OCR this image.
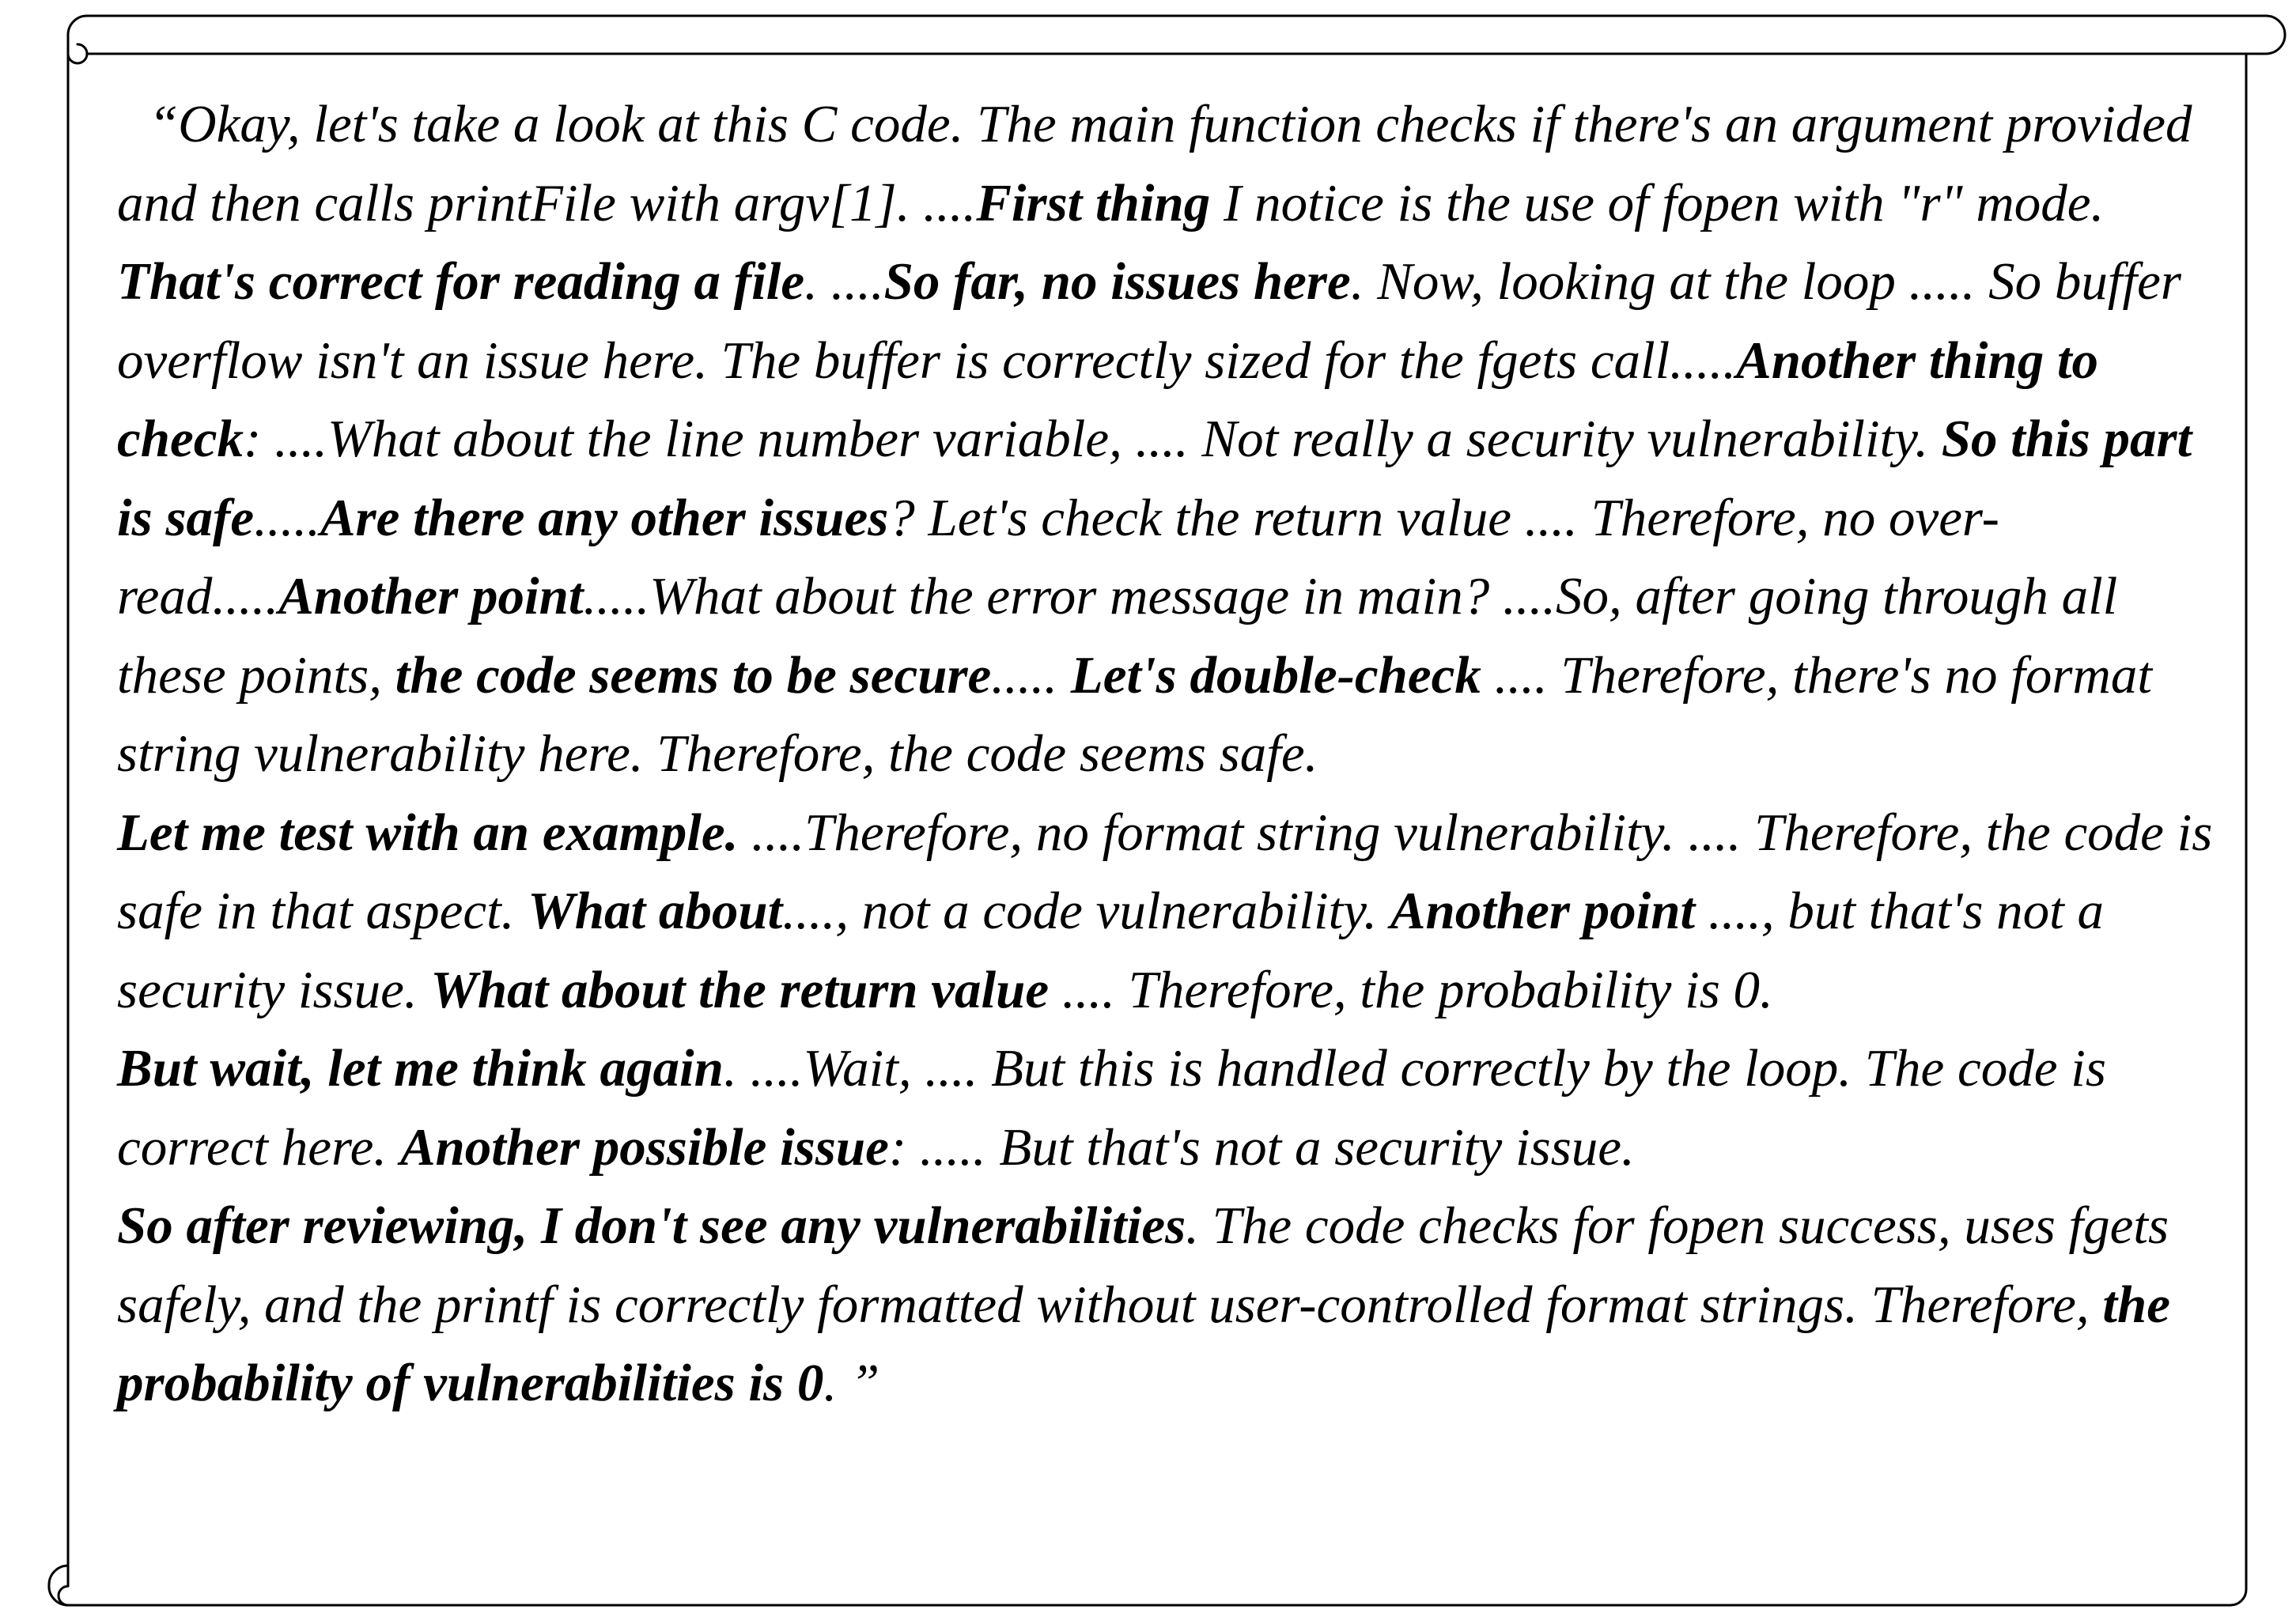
“Okay, let's take a look at this C code. The main function checks if there's an argument provided and then calls printFile with argv[1]. ....First thing I notice is the use of fopen with "r" mode. That's correct for reading a file. ....So far, no issues here. Now, looking at the loop ..... So buffer overflow isn't an issue here. The buffer is correctly sized for the fgets call.....Another thing to check: ....What about the line number variable, .... Not really a security vulnerability. So this part is safe.....Are there any other issues? Let's check the return value .... Therefore, no over-read.....Another point.....What about the error message in main? ....So, after going through all these points, the code seems to be secure..... Let's double-check .... Therefore, there's no format string vulnerability here. Therefore, the code seems safe.

Let me test with an example. ....Therefore, no format string vulnerability. .... Therefore, the code is safe in that aspect. What about...., not a code vulnerability. Another point ...., but that's not a security issue. What about the return value .... Therefore, the probability is 0.

But wait, let me think again. ....Wait, .... But this is handled correctly by the loop. The code is correct here. Another possible issue: ..... But that's not a security issue.

So after reviewing, I don't see any vulnerabilities. The code checks for fopen success, uses fgets safely, and the printf is correctly formatted without user-controlled format strings. Therefore, the probability of vulnerabilities is 0. ”
